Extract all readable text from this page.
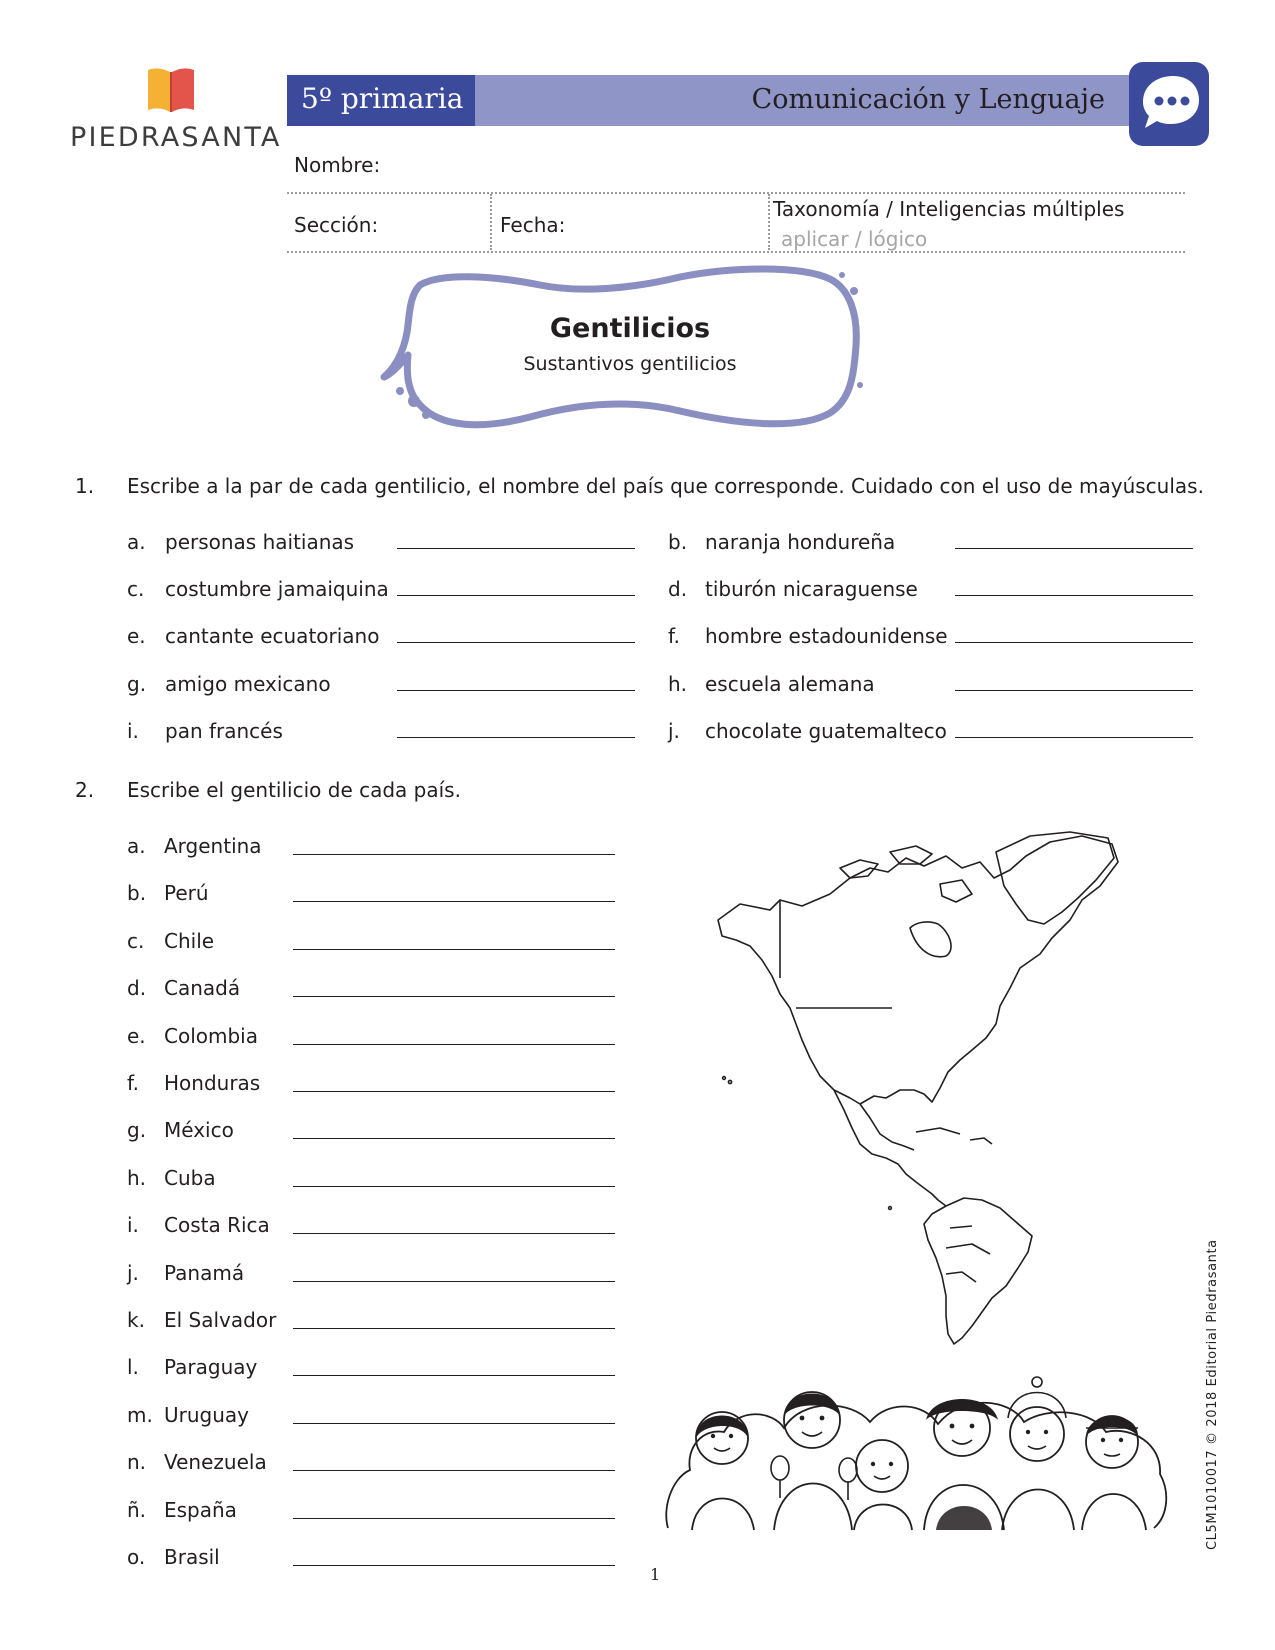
PIEDRASANTA
5º primaria	Comunicación y Lenguaje
Nombre:
Sección:	Fecha:
Taxonomía / Inteligencias múltiples
aplicar / lógico
Gentilicios
Sustantivos gentilicios
1. Escribe a la par de cada gentilicio, el nombre del país que corresponde. Cuidado con el uso de mayúsculas.
a. personas haitianas
c. costumbre jamaiquina
e. cantante ecuatoriano
g. amigo mexicano
i. pan francés
b. naranja hondureña
d. tiburón nicaraguense
f. hombre estadounidense
h. escuela alemana
j. chocolate guatemalteco
2. Escribe el gentilicio de cada país.
a. Argentina
b. Perú
c. Chile
d. Canadá
e. Colombia
f. Honduras
g. México
h. Cuba
i. Costa Rica
j. Panamá
k. El Salvador
l. Paraguay
m. Uruguay
n. Venezuela
ñ. España
o. Brasil
CL5M1010017 © 2018 Editorial Piedrasanta
1
